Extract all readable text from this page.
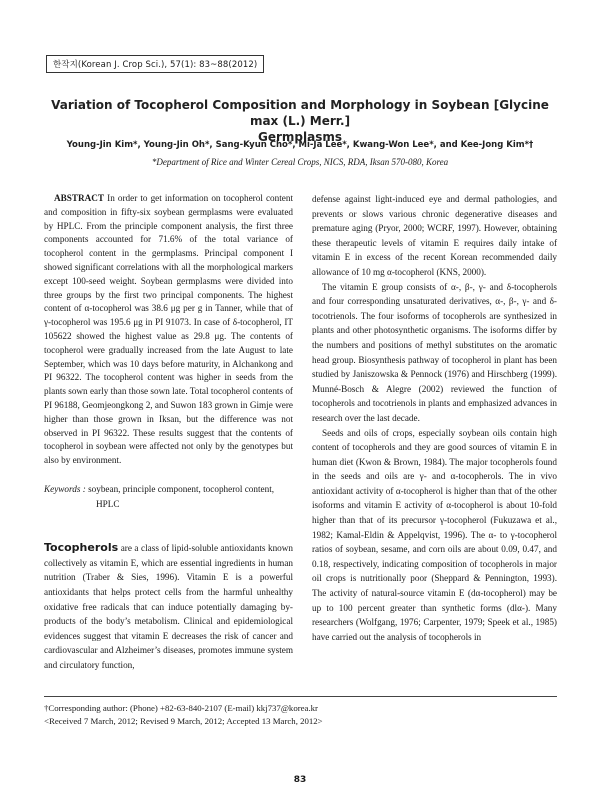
한작지(Korean J. Crop Sci.), 57(1): 83~88(2012)
Variation of Tocopherol Composition and Morphology in Soybean [Glycine max (L.) Merr.]
Germplasms
Young-Jin Kim*, Young-Jin Oh*, Sang-Kyun Cho*, Mi-Ja Lee*, Kwang-Won Lee*, and Kee-Jong Kim*†
*Department of Rice and Winter Cereal Crops, NICS, RDA, Iksan 570-080, Korea

ABSTRACT In order to get information on tocopherol content and composition in fifty-six soybean germplasms were evaluated by HPLC. From the principle component analysis, the first three components accounted for 71.6% of the total variance of tocopherol content in the germplasms. Principal component I showed significant correlations with all the morphological markers except 100-seed weight. Soybean germplasms were divided into three groups by the first two principal components. The highest content of α-tocopherol was 38.6 μg per g in Tanner, while that of γ-tocopherol was 195.6 μg in PI 91073. In case of δ-tocopherol, IT 105622 showed the highest value as 29.8 μg. The contents of tocopherol were gradually increased from the late August to late September, which was 10 days before maturity, in Alchankong and PI 96322. The tocopherol content was higher in seeds from the plants sown early than those sown late. Total tocopherol contents of PI 96188, Geomjeongkong 2, and Suwon 183 grown in Gimje were higher than those grown in Iksan, but the difference was not observed in PI 96322. These results suggest that the contents of tocopherol in soybean were affected not only by the genotypes but also by environment.

Keywords : soybean, principle component, tocopherol content,

HPLC

Tocopherols are a class of lipid-soluble antioxidants known collectively as vitamin E, which are essential ingredients in human nutrition (Traber & Sies, 1996). Vitamin E is a powerful antioxidants that helps protect cells from the harmful unhealthy oxidative free radicals that can induce potentially damaging by-products of the body’s metabolism. Clinical and epidemiological evidences suggest that vitamin E decreases the risk of cancer and cardiovascular and Alzheimer’s diseases, promotes immune system and circulatory function,

defense against light-induced eye and dermal pathologies, and prevents or slows various chronic degenerative diseases and premature aging (Pryor, 2000; WCRF, 1997). However, obtaining these therapeutic levels of vitamin E requires daily intake of vitamin E in excess of the recent Korean recommended daily allowance of 10 mg α-tocopherol (KNS, 2000).

The vitamin E group consists of α-, β-, γ- and δ-tocopherols and four corresponding unsaturated derivatives, α-, β-, γ- and δ-tocotrienols. The four isoforms of tocopherols are synthesized in plants and other photosynthetic organisms. The isoforms differ by the numbers and positions of methyl substitutes on the aromatic head group. Biosynthesis pathway of tocopherol in plant has been studied by Janiszowska & Pennock (1976) and Hirschberg (1999). Munné-Bosch & Alegre (2002) reviewed the function of tocopherols and tocotrienols in plants and emphasized advances in research over the last decade.

Seeds and oils of crops, especially soybean oils contain high content of tocopherols and they are good sources of vitamin E in human diet (Kwon & Brown, 1984). The major tocopherols found in the seeds and oils are γ- and α-tocopherols. The in vivo antioxidant activity of α-tocopherol is higher than that of the other isoforms and vitamin E activity of α-tocopherol is about 10-fold higher than that of its precursor γ-tocopherol (Fukuzawa et al., 1982; Kamal-Eldin & Appelqvist, 1996). The α- to γ-tocopherol ratios of soybean, sesame, and corn oils are about 0.09, 0.47, and 0.18, respectively, indicating composition of tocopherols in major oil crops is nutritionally poor (Sheppard & Pennington, 1993). The activity of natural-source vitamin E (dα-tocopherol) may be up to 100 percent greater than synthetic forms (dlα-). Many researchers (Wolfgang, 1976; Carpenter, 1979; Speek et al., 1985) have carried out the analysis of tocopherols in

†Corresponding author: (Phone) +82-63-840-2107 (E-mail) kkj737@korea.kr

<Received 7 March, 2012; Revised 9 March, 2012; Accepted 13 March, 2012>

83
